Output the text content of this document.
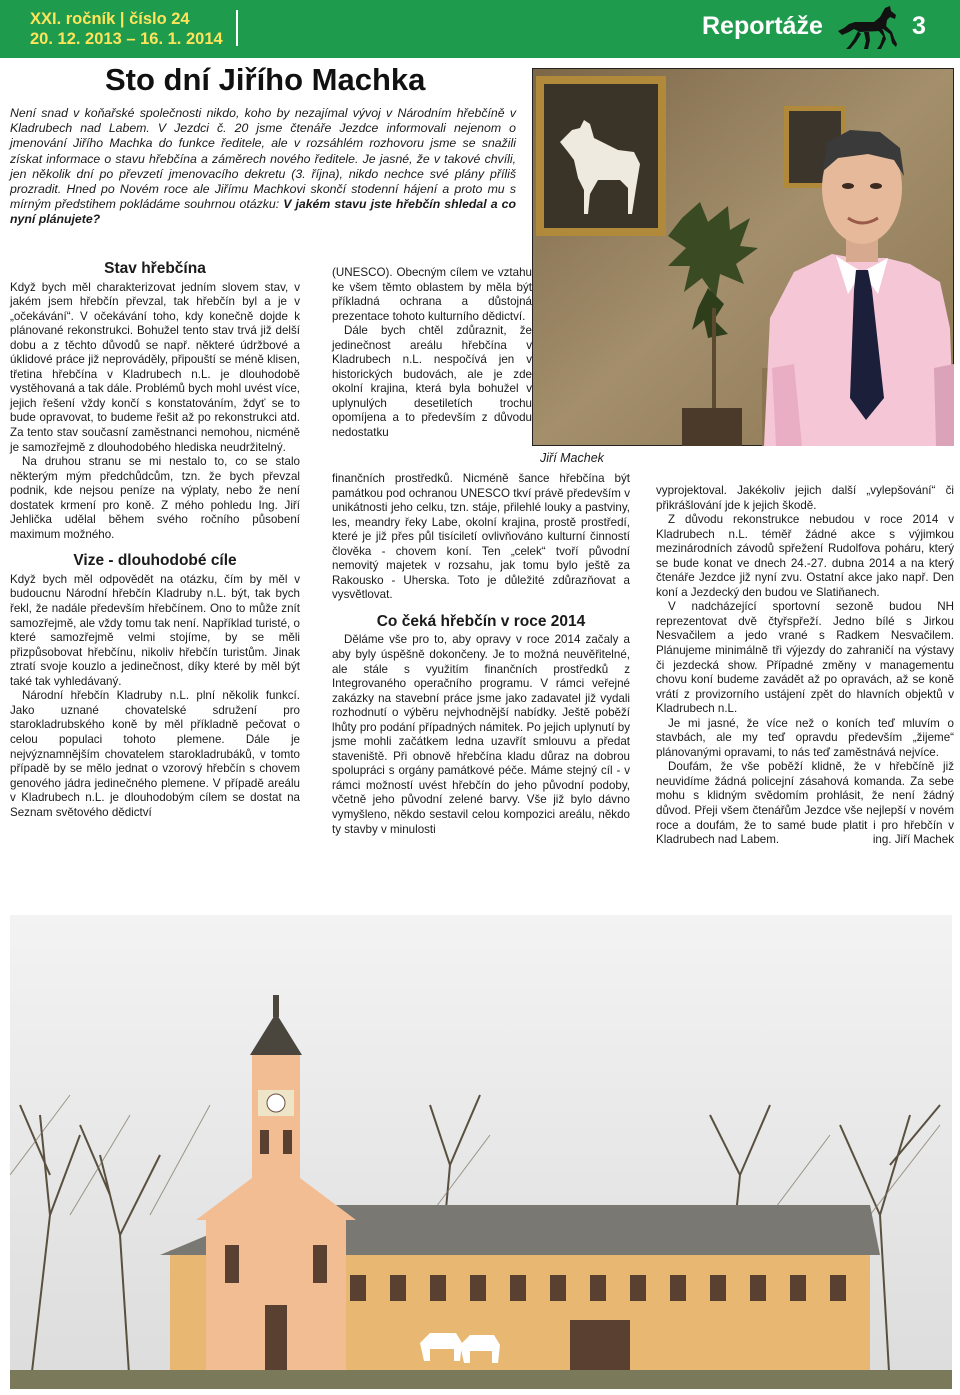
XXI. ročník | číslo 24
20. 12. 2013 – 16. 1. 2014	Reportáže	3
Sto dní Jiřího Machka

Není snad v koňařské společnosti nikdo, koho by nezajímal vývoj v Národním hřebčíně v Kladrubech nad Labem. V Jezdci č. 20 jsme čtenáře Jezdce informovali nejenom o jmenování Jiřího Machka do funkce ředitele, ale v rozsáhlém rozhovoru jsme se snažili získat informace o stavu hřebčína a záměrech nového ředitele. Je jasné, že v takové chvíli, jen několik dní po převzetí jmenovacího dekretu (3. října), nikdo nechce své plány příliš prozradit. Hned po Novém roce ale Jiřímu Machkovi skončí stodenní hájení a proto mu s mírným předstihem pokládáme souhrnou otázku: V jakém stavu jste hřebčín shledal a co nyní plánujete?

Jiří Machek
Stav hřebčína

Když bych měl charakterizovat jedním slovem stav, v jakém jsem hřebčín převzal, tak hřebčín byl a je v „očekávání“. V očekávání toho, kdy konečně dojde k plánované rekonstrukci. Bohužel tento stav trvá již delší dobu a z těchto důvodů se např. některé údržbové a úklidové práce již neprováděly, připouští se méně klisen, třetina hřebčína v Kladrubech n.L. je dlouhodobě vystěhovaná a tak dále. Problémů bych mohl uvést více, jejich řešení vždy končí s konstatováním, ždyť se to bude opravovat, to budeme řešit až po rekonstrukci atd. Za tento stav současní zaměstnanci nemohou, nicméně je samozřejmě z dlouhodobého hlediska neudržitelný.

Na druhou stranu se mi nestalo to, co se stalo některým mým předchůdcům, tzn. že bych převzal podnik, kde nejsou peníze na výplaty, nebo že není dostatek krmení pro koně. Z mého pohledu Ing. Jiří Jehlička udělal během svého ročního působení maximum možného.

Vize - dlouhodobé cíle

Když bych měl odpovědět na otázku, čím by měl v budoucnu Národní hřebčín Kladruby n.L. být, tak bych řekl, že nadále především hřebčínem. Ono to může znít samozřejmě, ale vždy tomu tak není. Například turisté, o které samozřejmě velmi stojíme, by se měli přizpůsobovat hřebčínu, nikoliv hřebčín turistům. Jinak ztratí svoje kouzlo a jedinečnost, díky které by měl být také tak vyhledávaný.

Národní hřebčín Kladruby n.L. plní několik funkcí. Jako uznané chovatelské sdružení pro starokladrubského koně by měl příkladně pečovat o celou populaci tohoto plemene. Dále je nejvýznamnějším chovatelem starokladrubáků, v tomto případě by se mělo jednat o vzorový hřebčín s chovem genového jádra jedinečného plemene. V případě areálu v Kladrubech n.L. je dlouhodobým cílem se dostat na Seznam světového dědictví

(UNESCO). Obecným cílem ve vztahu ke všem těmto oblastem by měla být příkladná ochrana a důstojná prezentace tohoto kulturního dědictví.

Dále bych chtěl zdůraznit, že jedinečnost areálu hřebčína v Kladrubech n.L. nespočívá jen v historických budovách, ale je zde okolní krajina, která byla bohužel v uplynulých desetiletích trochu opomíjena a to především z důvodu nedostatku

finančních prostředků. Nicméně šance hřebčína být památkou pod ochranou UNESCO tkví právě především v unikátnosti jeho celku, tzn. stáje, přilehlé louky a pastviny, les, meandry řeky Labe, okolní krajina, prostě prostředí, které je již přes půl tisíciletí ovlivňováno kulturní činností člověka - chovem koní. Ten „celek“ tvoří původní nemovitý majetek v rozsahu, jak tomu bylo ještě za Rakousko - Uherska. Toto je důležité zdůrazňovat a vysvětlovat.

Co čeká hřebčín v roce 2014

Děláme vše pro to, aby opravy v roce 2014 začaly a aby byly úspěšně dokončeny. Je to možná neuvěřitelné, ale stále s využitím finančních prostředků z Integrovaného operačního programu. V rámci veřejné zakázky na stavební práce jsme jako zadavatel již vydali rozhodnutí o výběru nejvhodnější nabídky. Ještě poběží lhůty pro podání případných námitek. Po jejich uplynutí by jsme mohli začátkem ledna uzavřít smlouvu a předat staveniště. Při obnově hřebčína kladu důraz na dobrou spolupráci s orgány památkové péče. Máme stejný cíl - v rámci možností uvést hřebčín do jeho původní podoby, včetně jeho původní zelené barvy. Vše již bylo dávno vymyšleno, někdo sestavil celou kompozici areálu, někdo ty stavby v minulosti

vyprojektoval. Jakékoliv jejich další „vylepšování“ či přikrášlování jde k jejich škodě.

Z důvodu rekonstrukce nebudou v roce 2014 v Kladrubech n.L. téměř žádné akce s výjimkou mezinárodních závodů spřežení Rudolfova poháru, který se bude konat ve dnech 24.-27. dubna 2014 a na který čtenáře Jezdce již nyní zvu. Ostatní akce jako např. Den koní a Jezdecký den budou ve Slatiňanech.

V nadcházející sportovní sezoně budou NH reprezentovat dvě čtyřspřeží. Jedno bílé s Jirkou Nesvačilem a jedo vrané s Radkem Nesvačilem. Plánujeme minimálně tři výjezdy do zahraničí na výstavy či jezdecká show. Případné změny v managementu chovu koní budeme zavádět až po opravách, až se koně vrátí z provizorního ustájení zpět do hlavních objektů v Kladrubech n.L.

Je mi jasné, že více než o koních teď mluvím o stavbách, ale my teď opravdu především „žijeme“ plánovanými opravami, to nás teď zaměstnává nejvíce.

Doufám, že vše poběží klidně, že v hřebčíně již neuvidíme žádná policejní zásahová komanda. Za sebe mohu s klidným svědomím prohlásit, že není žádný důvod. Přeji všem čtenářům Jezdce vše nejlepší v novém roce a doufám, že to samé bude platit i pro hřebčín v Kladrubech nad Labem.	ing. Jiří Machek
